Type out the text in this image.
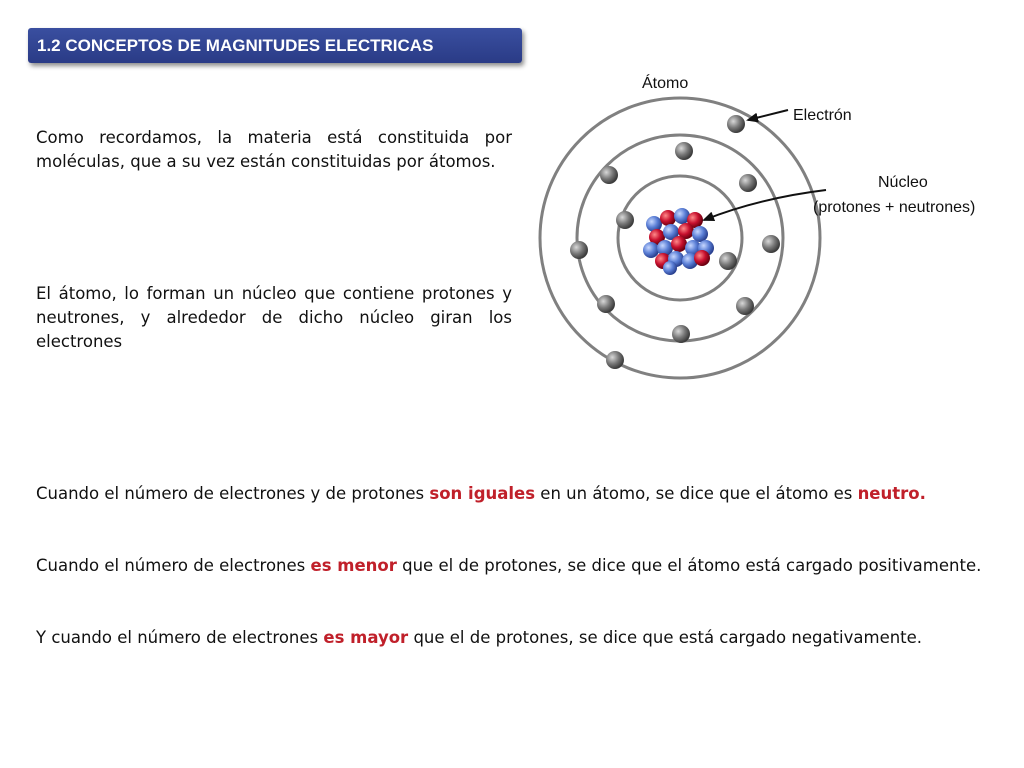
1.2 CONCEPTOS DE MAGNITUDES ELECTRICAS

Como recordamos, la materia está constituida por moléculas, que a su vez están constituidas por átomos.

El átomo, lo forman un núcleo que contiene protones y neutrones, y alrededor de dicho núcleo giran los electrones

Átomo
Electrón
Núcleo
(protones + neutrones)

Cuando el número de electrones y de protones son iguales en un átomo, se dice que el átomo es neutro.

Cuando el número de electrones es menor que el de protones, se dice que el átomo está cargado positivamente.

Y cuando el número de electrones es mayor que el de protones, se dice que está cargado negativamente.
